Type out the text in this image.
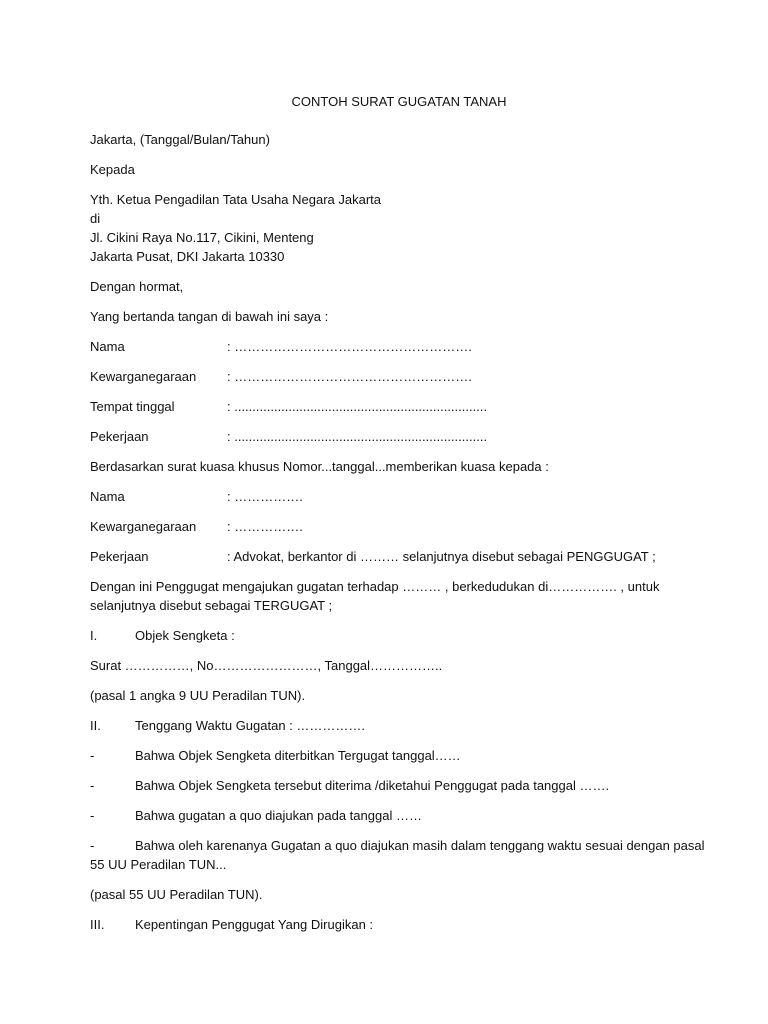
CONTOH SURAT GUGATAN TANAH

Jakarta, (Tanggal/Bulan/Tahun)

Kepada

Yth. Ketua Pengadilan Tata Usaha Negara Jakarta
di
Jl. Cikini Raya No.117, Cikini, Menteng
Jakarta Pusat, DKI Jakarta 10330

Dengan hormat,

Yang bertanda tangan di bawah ini saya :

Nama	: ……………………………………………….
Kewarganegaraan	: ……………………………………………….
Tempat tinggal	: ......................................................................
Pekerjaan	: ......................................................................

Berdasarkan surat kuasa khusus Nomor...tanggal...memberikan kuasa kepada :

Nama	: …………….
Kewarganegaraan	: …………….
Pekerjaan	: Advokat, berkantor di ……… selanjutnya disebut sebagai PENGGUGAT ;

Dengan ini Penggugat mengajukan gugatan terhadap ……… , berkedudukan di……………. , untuk selanjutnya disebut sebagai TERGUGAT ;

I.	Objek Sengketa :

Surat ……………, No……………………, Tanggal……………..

(pasal 1 angka 9 UU Peradilan TUN).

II.	Tenggang Waktu Gugatan : …………….
-	Bahwa Objek Sengketa diterbitkan Tergugat tanggal……
-	Bahwa Objek Sengketa tersebut diterima /diketahui Penggugat pada tanggal …….
-	Bahwa gugatan a quo diajukan pada tanggal ……
-	Bahwa oleh karenanya Gugatan a quo diajukan masih dalam tenggang waktu sesuai dengan pasal 55 UU Peradilan TUN...

(pasal 55 UU Peradilan TUN).

III.	Kepentingan Penggugat Yang Dirugikan :
